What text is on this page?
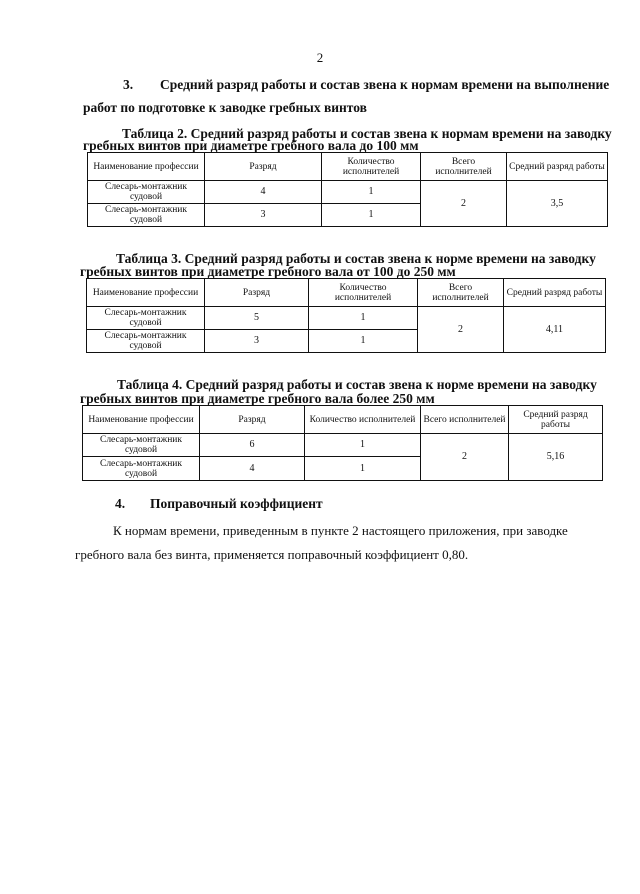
2
3. Средний разряд работы и состав звена к нормам времени на выполнение
работ по подготовке к заводке гребных винтов
Таблица 2. Средний разряд работы и состав звена к нормам времени на заводку
гребных винтов при диаметре гребного вала до 100 мм
Наименование профессии	Разряд	Количество исполнителей	Всего исполнителей	Средний разряд работы
Слесарь-монтажник судовой	4	1	2	3,5
Слесарь-монтажник судовой	3	1		
Таблица 3. Средний разряд работы и состав звена к норме времени на заводку
гребных винтов при диаметре гребного вала от 100 до 250 мм
Наименование профессии	Разряд	Количество исполнителей	Всего исполнителей	Средний разряд работы
Слесарь-монтажник судовой	5	1	2	4,11
Слесарь-монтажник судовой	3	1		
Таблица 4. Средний разряд работы и состав звена к норме времени на заводку
гребных винтов при диаметре гребного вала более 250 мм
Наименование профессии	Разряд	Количество исполнителей	Всего исполнителей	Средний разряд работы
Слесарь-монтажник судовой	6	1	2	5,16
Слесарь-монтажник судовой	4	1		
4. Поправочный коэффициент
К нормам времени, приведенным в пункте 2 настоящего приложения, при заводке
гребного вала без винта, применяется поправочный коэффициент 0,80.
